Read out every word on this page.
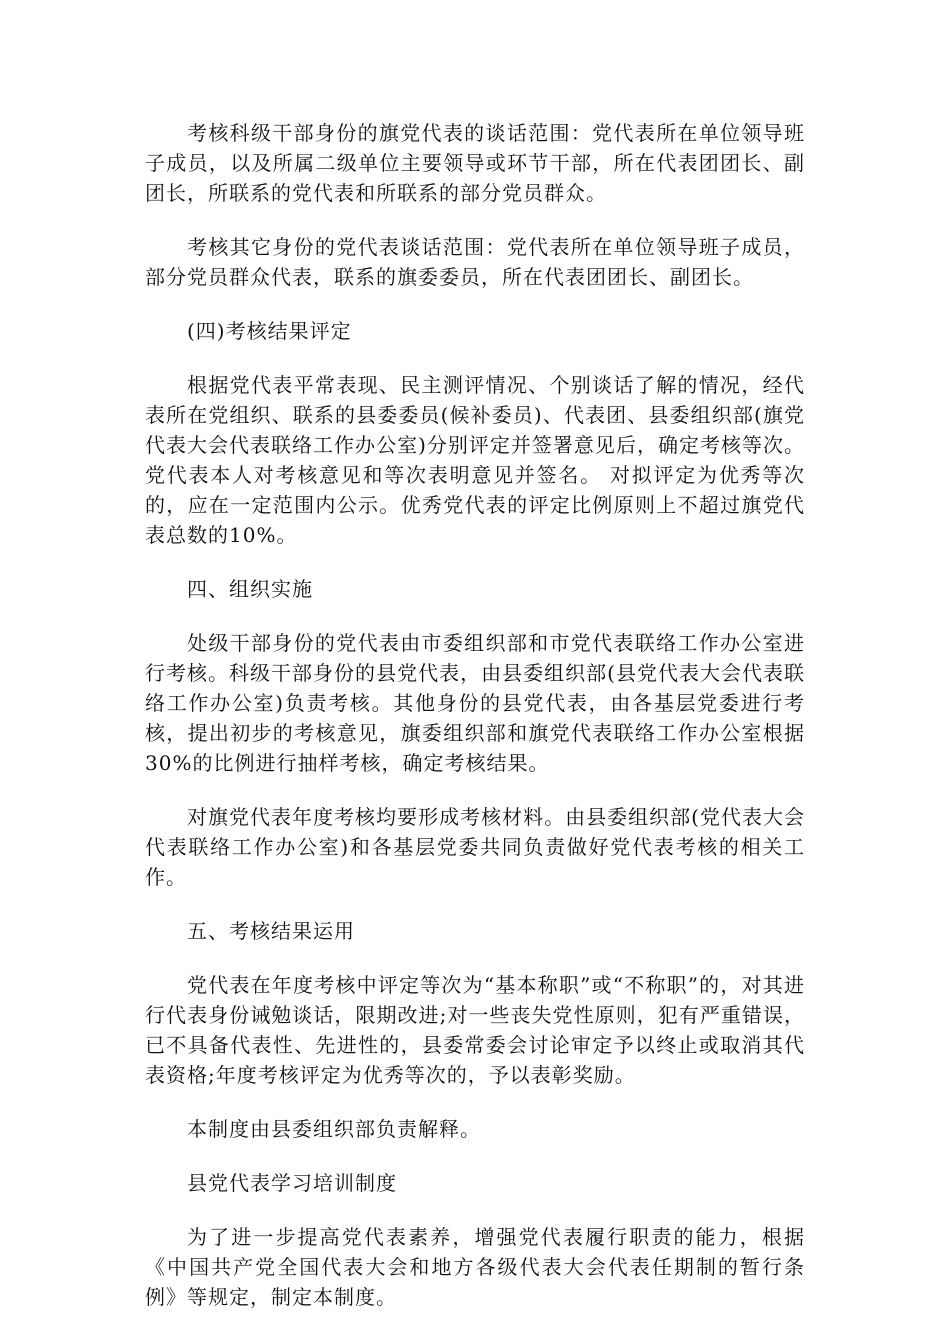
考核科级干部身份的旗党代表的谈话范围：党代表所在单位领导班子成员，以及所属二级单位主要领导或环节干部，所在代表团团长、副团长，所联系的党代表和所联系的部分党员群众。

考核其它身份的党代表谈话范围：党代表所在单位领导班子成员，部分党员群众代表，联系的旗委委员，所在代表团团长、副团长。

(四)考核结果评定

根据党代表平常表现、民主测评情况、个别谈话了解的情况，经代表所在党组织、联系的县委委员(候补委员)、代表团、县委组织部(旗党代表大会代表联络工作办公室)分别评定并签署意见后，确定考核等次。党代表本人对考核意见和等次表明意见并签名。 对拟评定为优秀等次的，应在一定范围内公示。优秀党代表的评定比例原则上不超过旗党代表总数的10%。

四、组织实施

处级干部身份的党代表由市委组织部和市党代表联络工作办公室进行考核。科级干部身份的县党代表，由县委组织部(县党代表大会代表联络工作办公室)负责考核。其他身份的县党代表，由各基层党委进行考核，提出初步的考核意见，旗委组织部和旗党代表联络工作办公室根据30%的比例进行抽样考核，确定考核结果。

对旗党代表年度考核均要形成考核材料。由县委组织部(党代表大会代表联络工作办公室)和各基层党委共同负责做好党代表考核的相关工作。

五、考核结果运用

党代表在年度考核中评定等次为“基本称职”或“不称职”的，对其进行代表身份诫勉谈话，限期改进;对一些丧失党性原则，犯有严重错误，已不具备代表性、先进性的，县委常委会讨论审定予以终止或取消其代表资格;年度考核评定为优秀等次的，予以表彰奖励。

本制度由县委组织部负责解释。

县党代表学习培训制度

为了进一步提高党代表素养，增强党代表履行职责的能力，根据《中国共产党全国代表大会和地方各级代表大会代表任期制的暂行条例》等规定，制定本制度。
